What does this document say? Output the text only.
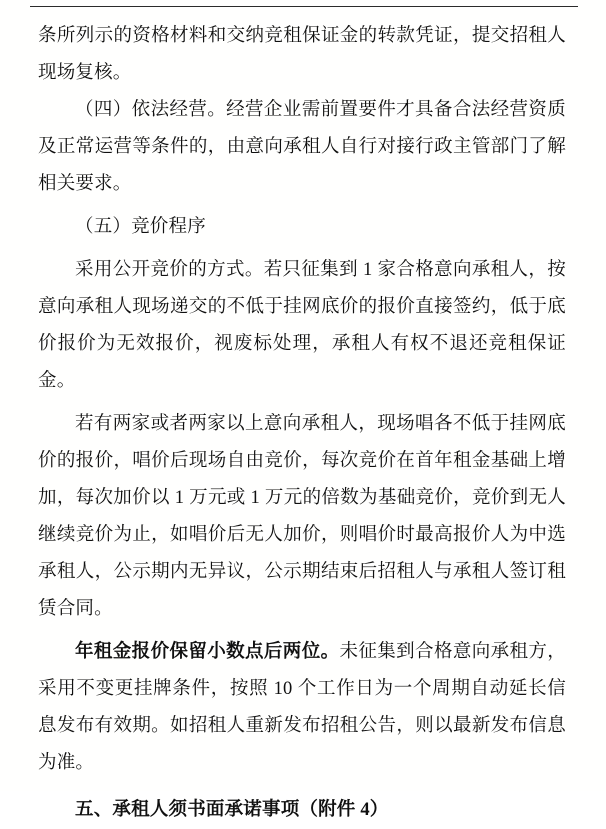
条所列示的资格材料和交纳竞租保证金的转款凭证，提交招租人现场复核。

（四）依法经营。经营企业需前置要件才具备合法经营资质及正常运营等条件的，由意向承租人自行对接行政主管部门了解相关要求。

（五）竞价程序

采用公开竞价的方式。若只征集到 1 家合格意向承租人，按意向承租人现场递交的不低于挂网底价的报价直接签约，低于底价报价为无效报价，视废标处理，承租人有权不退还竞租保证金。

若有两家或者两家以上意向承租人，现场唱各不低于挂网底价的报价，唱价后现场自由竞价，每次竞价在首年租金基础上增加，每次加价以 1 万元或 1 万元的倍数为基础竞价，竞价到无人继续竞价为止，如唱价后无人加价，则唱价时最高报价人为中选承租人，公示期内无异议，公示期结束后招租人与承租人签订租赁合同。

年租金报价保留小数点后两位。未征集到合格意向承租方，采用不变更挂牌条件，按照 10 个工作日为一个周期自动延长信息发布有效期。如招租人重新发布招租公告，则以最新发布信息为准。

五、承租人须书面承诺事项（附件 4）
